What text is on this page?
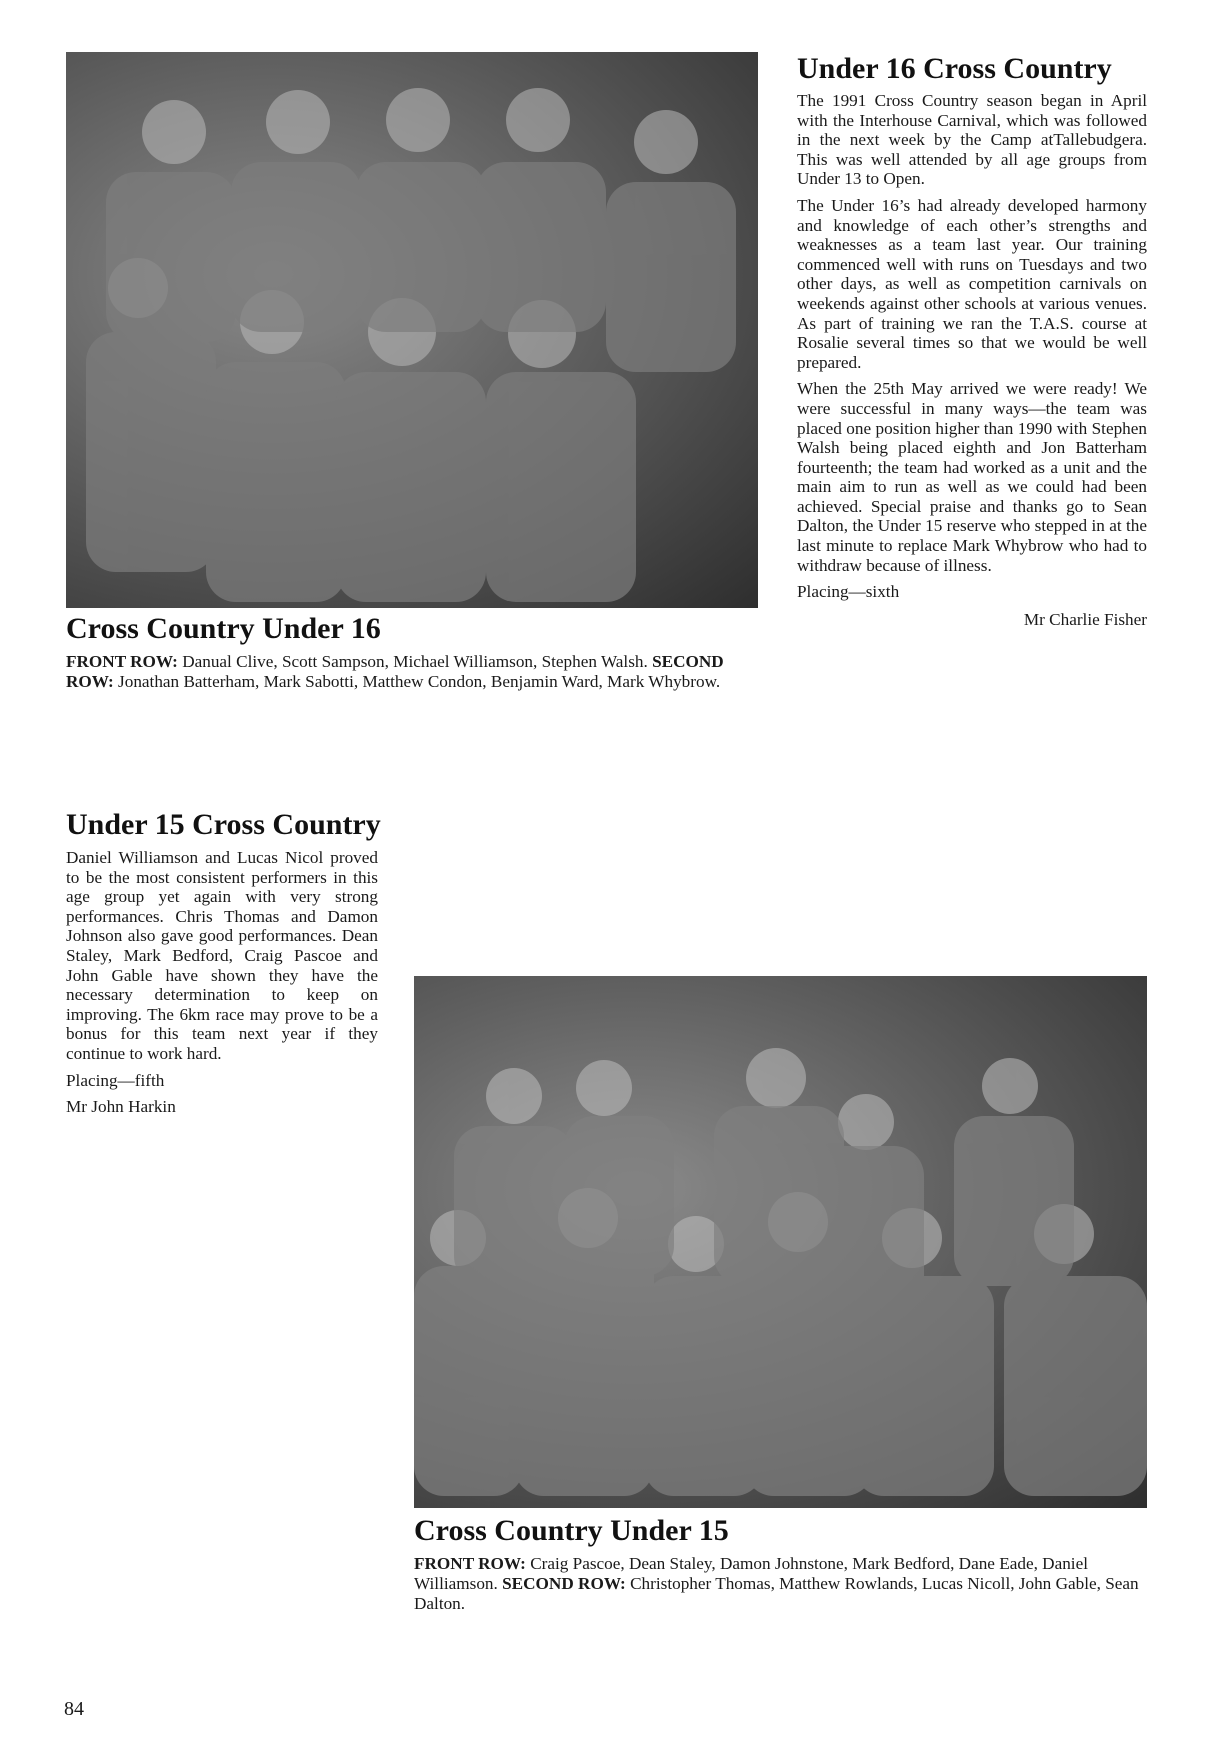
Cross Country Under 16
FRONT ROW: Danual Clive, Scott Sampson, Michael Williamson, Stephen Walsh. SECOND ROW: Jonathan Batterham, Mark Sabotti, Matthew Condon, Benjamin Ward, Mark Whybrow.
Under 16 Cross Country

The 1991 Cross Country season began in April with the Interhouse Carnival, which was followed in the next week by the Camp atTallebudgera. This was well attended by all age groups from Under 13 to Open.

The Under 16’s had already developed harmony and knowledge of each other’s strengths and weaknesses as a team last year. Our training commenced well with runs on Tuesdays and two other days, as well as competition carnivals on weekends against other schools at various venues. As part of training we ran the T.A.S. course at Rosalie several times so that we would be well prepared.

When the 25th May arrived we were ready! We were successful in many ways—the team was placed one position higher than 1990 with Stephen Walsh being placed eighth and Jon Batterham fourteenth; the team had worked as a unit and the main aim to run as well as we could had been achieved. Special praise and thanks go to Sean Dalton, the Under 15 reserve who stepped in at the last minute to replace Mark Whybrow who had to withdraw because of illness.

Placing—sixth

Mr Charlie Fisher
Under 15 Cross Country

Daniel Williamson and Lucas Nicol proved to be the most consistent performers in this age group yet again with very strong performances. Chris Thomas and Damon Johnson also gave good performances. Dean Staley, Mark Bedford, Craig Pascoe and John Gable have shown they have the necessary determination to keep on improving. The 6km race may prove to be a bonus for this team next year if they continue to work hard.

Placing—fifth

Mr John Harkin

Cross Country Under 15
FRONT ROW: Craig Pascoe, Dean Staley, Damon Johnstone, Mark Bedford, Dane Eade, Daniel Williamson. SECOND ROW: Christopher Thomas, Matthew Rowlands, Lucas Nicoll, John Gable, Sean Dalton.
84
